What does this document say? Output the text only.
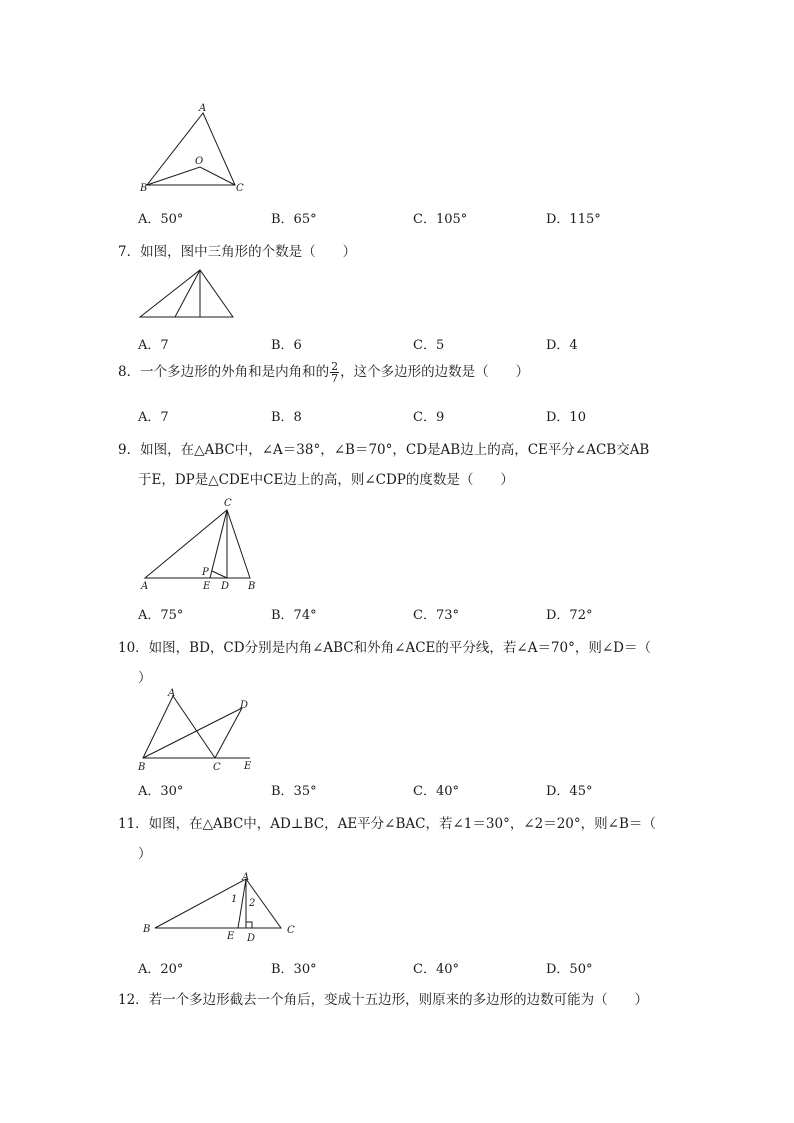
A
O
B	C
A．50°	B．65°	C．105°	D．115°
7．如图，图中三角形的个数是（　　）
A．7	B．6	C．5	D．4
8．一个多边形的外角和是内角和的 $\frac{2}{7}$ ，这个多边形的边数是（　　）
A．7	B．8	C．9	D．10
9．如图，在△ABC中，∠A＝38°，∠B＝70°，CD是AB边上的高，CE平分∠ACB交AB
于E，DP是△CDE中CE边上的高，则∠CDP的度数是（　　）
C
A
P
E D B
A．75°	B．74°	C．73°	D．72°
10．如图，BD，CD分别是内角∠ABC和外角∠ACE的平分线，若∠A＝70°，则∠D＝（
）
A
D
B	C E
A．30°	B．35°	C．40°	D．45°
11．如图，在△ABC中，AD⊥BC，AE平分∠BAC，若∠1＝30°，∠2＝20°，则∠B＝（
）
A
1 2
B
E D
C
A．20°	B．30°	C．40°	D．50°
12．若一个多边形截去一个角后，变成十五边形，则原来的多边形的边数可能为（　　）
